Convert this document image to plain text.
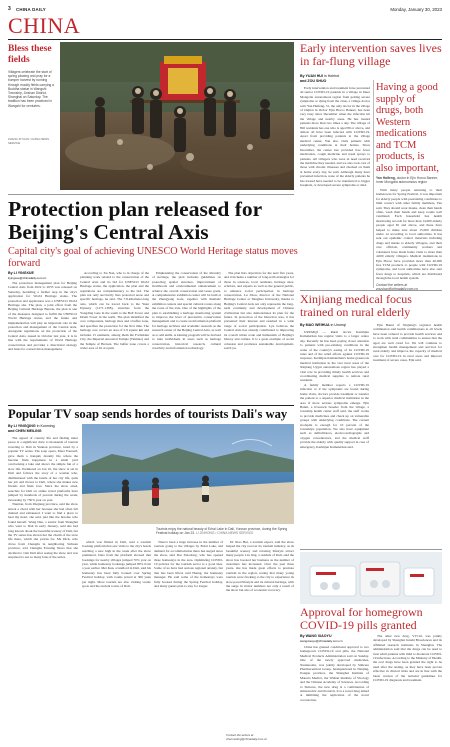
3 CHINA DAILY	Monday, January 30, 2023
CHINA
Bless these fields
Villagers celebrate the start of spring plowing and pray for a bumper harvest by running through muddy fields carrying a Buddha statue in Wangshi Township, Jinshan District, Shanghai on Saturday. The tradition has been practiced in Wangshi for centuries.
ZHANG XIYUAN / CHINA NEWS SERVICE
Early intervention saves lives in far-flung village
By YUAN HUI in Hohhot
and ZOU SHUO

Early intervention and treatment have prevented all senior COVID-19 patients in a village in Inner Mongolia autonomous region from getting severe symptoms or dying from the virus, a village doctor said. Yan Haifeng, 51, the only doctor in the village of Oujitai in Ordos' Ejin Horoo Banner, has been very busy since December when the infection hit the village and nearby areas. He has treated patients more than two times a day. The village of 892 residents has one who is aged 80 or above, and almost all have been infected with COVID-19. Apart from providing patients at the village medical center, Yan also visits patients with underlying conditions at their homes. Since December, the center has provided free fever medication, cough medicine and nasal sprays to patients. All villagers who were in need received the medicine they needed, and we also took care of those with chronic illnesses and checked on them at home every day, he said. Although many have prevented infection, none of the elderly patients he has treated have needed to be transferred to bigger hospitals, or developed severe symptoms or died.

Having a good supply of drugs, both Western medications and TCM products, is also important,
Yan Haifeng, doctor in Ejin Horoo Banner, Inner Mongolia autonomous region

With many people returning to their hometowns for Spring Festival, it was important for elderly people with preexisting conditions to limit contact with other family members, Yan said. They should wear masks, clean their hands often, wash their hands and keep rooms well ventilated. Each household has health monitoring records for more than 14,000 elderly people aged 65 and above, and these have helped to make sure about 15,000 children under 14 according to local authorities. It has sent out epidemic control materials including drugs and masks to elderly villagers, and their care officials, community workers and volunteers have made home visits to more than 4,000 elderly villagers. Medical institutions in Ejin Horoo have provided more than 40,000 free TCM products to people with COVID-19 symptoms, and local authorities have also sent fever drugs to hospitals, which are distributed through the local health system.

Contact the writers at zoushuo@chinadaily.com.cn
Protection plan released for Beijing's Central Axis
Capital city's goal of achieving UNESCO World Heritage status moves forward
By LI YINGXUE
liyingxue@chinadaily.com.cn

The protection management plan for Beijing Central Axis from 2022 to 2035 was released on Saturday, heralding a further step in the city's application for World Heritage status. The protection and application was a UNESCO World Heritage site. The plan, a joint effort from the Beijing Cultural Heritage Bureau, the plan is one of the measures designed to fulfill the UNESCO World Heritage status, and the future and implementation will play an important role in the protection and management of the Central Axis. Alongside regulations on the protection of the Central Axis, issued in October last year, it is in line with the requirements of World Heritage conservation and provides a directional strategy and basis for conservation management.

According to Xu Nan, who is in charge of the planning work related to the conservation of the Central Axis and its bid for UNESCO World Heritage status, the application, the plan and the regulations are complementary to the bid. The plan not only succinctly lists protected areas and specific heritage, he said. The 7.8-kilometer-long axis, which can be traced back to the Yuan Dynasty (1271-1368), stretches from the Yongding Gate in the south to the Bell Tower and Drum Tower in the north. The plan identified the core components, heritage sites and a buffer zone, and specifies the protection for the first time. The heritage core covers an area of 5.9 square km and includes 15 elements, among them the Forbidden City, the Imperial Ancestral Temple (Taimiao) and the Temple of Heaven. The buffer zone covers a wider area of 45.4 sq km.

Emphasizing the conservation of the diversity of heritage, the plan includes guidelines on protecting spatial structure, improvement of livelihoods and environmental enhancement to achieve the overall conservation and reuse goals. A comprehensive exhibition center will be built at the Zhengyang Gate, together with thematic exhibition centers and special cultural routes along the route of the axis. One of the highlights of the plan is establishing a heritage monitoring system to improve the level of preventive conservation management and to create an information platform for heritage archives and academic research as the research center of the Beijing Central Axis, as well as to add skills. A training program will be devised to train individuals in areas such as heritage conservation, historical research, cultural creativity and information technology.

The plan lists objectives for the next five years, and it includes a number of long-term strategies for those in sciences, local residents, heritage sites, scholars, and experts as well as the general public, to enhance social participation in heritage conservation. Lu Zhou, director of the National Heritage Center at Tsinghua University, thanks to Beijing's Central Axis not only represents the long-term continuity and development of Chinese civilization but also demonstrates its plan for the future. In protection of the historical area, it has prevented their interest and resulted in a wide range of social participation. Lyu believes the Central Axis has already contributed to improving its overall urban scale and humanism of Beijing's history and culture. It is a great example of social cohesion and promotes sustainable development, said Lyu.

Xinjiang medical focus trained on rural elderly
By MAO WEIHUA in Urumqi

URUMQI — Rural doctor Kerimjan Kamalerhan has regular visits to a larger centre day. Recently he has been paying closer attention to patients with pre-existing conditions in the wake of the country's easing of its COVID-19 rules and of the relief efforts against COVID-19 response. Kerimjan Kamalerhan's home grassroots medical institution in the vast rural areas of the Xinjiang Uygur autonomous region has played a vital role in providing timely health services and coordinating medical supplies to remote rural residents.

A family member reports a COVID-19 infection or if the symptoms are found during home visits, doctors provide treatment or transfer the patient to a superior medical institution in the area if more serious symptoms emerge. Ejin Banni, a livestock breeder from the village, a township health center staff said, the staff works to provide medicines and check up on vulnerable groups with underlying conditions. The current stockpile is enough for 10 percent of the township's population. We also have equipment such as defibrillators, electrocardiographs and oxygen concentrators, and the medical staff provide the elderly with quality support in case of emergency, Kerimjan Kamalerhan said.

Ejin Banni of Xinjiang's regional health commission said health commissions at all levels have been ordered to provide health services and to work with rural communities to ensure that the aged are well cared for. We will continue to strengthen health management and services for rural elderly and improve the capacity of medical care for COVID-19 in rural areas and improve treatment of severe cases, Ejin said.

Popular TV soap sends hordes of tourists Dali's way
By LI YINGQING in Kunming
and CHEN MEILING

The appeal of country life and finding inner peace is a significant draw to thousands of tourists traveling to Dali in Yunnan province, lured by a popular TV series. The soap opera, Meet Yourself, gave them a tranquil, dreamy life where the heroine finds happiness in a small yard overlooking a lake and shows the simple fun of a slow life. Premiered on Jan 10, the show is set in Dali and follows the story of a woman who, disillusioned with the bustle of her city life, quits her job and moves to Dali, where she makes new friends and finds love. Since the show aired, searches for Dali on online travel platforms have jumped by hundreds of percent during the week, increasing by 750% year on year.

Tiantian, from Zhejiang province, said the show struck a chord with her because she had often felt drained and exhausted. I want to find a place to heal my heart, she said, just like the heroine who found herself. Wang Dan, a tourist from Shanghai who went to Dali in early January, said she had long known about the beautiful scenery of Dali, but the TV series has shown her the charm of the slow life there, which she yearns for. Ms Dick, who drove from Chengdu in neighboring Sichuan province, told Chengdu Evening News that she decided to visit Dali after seeing the show and was surprised to see so many fans of the series.

Tourists enjoy the natural beauty of Erhai Lake in Dali, Yunnan province, during the Spring Festival holiday on Jan 23. LI JINHONG / CHINA NEWS SERVICE

which was filmed in Dali, said a tourism booking platform that saw visits to the city's hotels reaching a new high in the week after the show premiered. Data from the platform showed that bookings for nearby villages jumped 70% year on year, while homestay bookings jumped 80% from a year earlier. Mei Kun, a landlord in Dali, said his homestay has been fully booked over Spring Festival holiday, with rooms priced at 300 yuan per night. More tourists are also visiting scenic spots and the ancient towns of Dali.

There's been a huge increase in the number of tourists going to the villages by Erhai Lake, and demand for accommodation there has surged since the show, said Dai Xiaodong, who has opened three homestays in the area. Optimizing COVID-19 policies for the tourism sector is a good idea. Some of us have had serious regional anxiety, but that has been lifted, said Huang, the homestay manager. He said some of the homestays were fully booked during the Spring Festival holiday, and many guests plan to stay for longer.

Dr Xiao Hui, a tourism expert, said the show helped the city recover its tourism industry, as its beautiful scenery and relaxing lifestyle attract many people. Lin Jing, a resident of Dali, said the show has boosted her business as the number of customers has increased. Over the past three years, she has made great efforts to promote tourism in the region, noting that many young tourists were flocking to the city to experience its slow-paced lifestyle and its cultural heritage, with the surge in visitor numbers not only a result of the show but also of economic recovery.

Contact the writers at chenmeiling@chinadaily.com.cn
Approval for homegrown COVID-19 pills granted
By WANG XIAOYU
wangxiaoyu@chinadaily.com.cn

China has granted conditional approval to two homegrown COVID-19 oral pills, the National Medical Products Administration said on Sunday. One of the newly approved medicines, Xiannuoxin, was jointly developed by Simcere Pharmaceutical Group, headquartered in Nanjing, Jiangsu province, the Shanghai Institute of Materia Medica, the Wuhan Institute of Virology and the Chinese Academy of Sciences. According to Simcere, the new drug is a combination of simnotrelvir and ritonavir. It is a novel drug aimed at inhibiting the replication of the novel coronavirus.

The other new drug, VV116, was jointly developed by Shanghai Junshi Biosciences and its affiliated research institutes in Shanghai. The administration said that the drugs can be used to treat adult patients with mild to moderate COVID-19 infections. According to the Ministry of Health, the oral drugs have been granted the right to be used after the testing, as they have been proven effective in clinical trials and are in line with the latest version of the national guidelines for COVID-19 diagnosis and treatment.
